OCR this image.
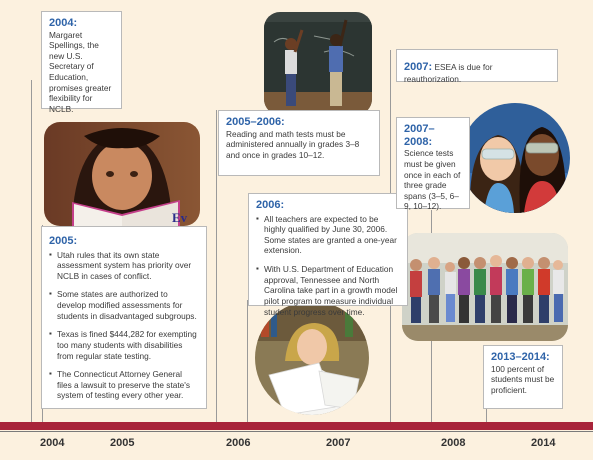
Ev
2004:
Margaret Spellings, the new U.S. Secretary of Education, promises greater flexibility for NCLB.
2005:
▪ Utah rules that its own state assessment system has priority over NCLB in cases of conflict.
▪ Some states are authorized to develop modified assessments for students in disadvantaged subgroups.
▪ Texas is fined $444,282 for exempting too many students with disabilities from regular state testing.
▪ The Connecticut Attorney General files a lawsuit to preserve the state's system of testing every other year.
2005–2006:
Reading and math tests must be administered annually in grades 3–8 and once in grades 10–12.
2006:
▪ All teachers are expected to be highly qualified by June 30, 2006. Some states are granted a one-year extension.
▪ With U.S. Department of Education approval, Tennessee and North Carolina take part in a growth model pilot program to measure individual student progress over time.
2007: ESEA is due for reauthorization.
2007–2008:
Science tests must be given once in each of three grade spans (3–5, 6–9, 10–12).
2013–2014:
100 percent of students must be proficient.
2004	2005	2006	2007	2008	2014
